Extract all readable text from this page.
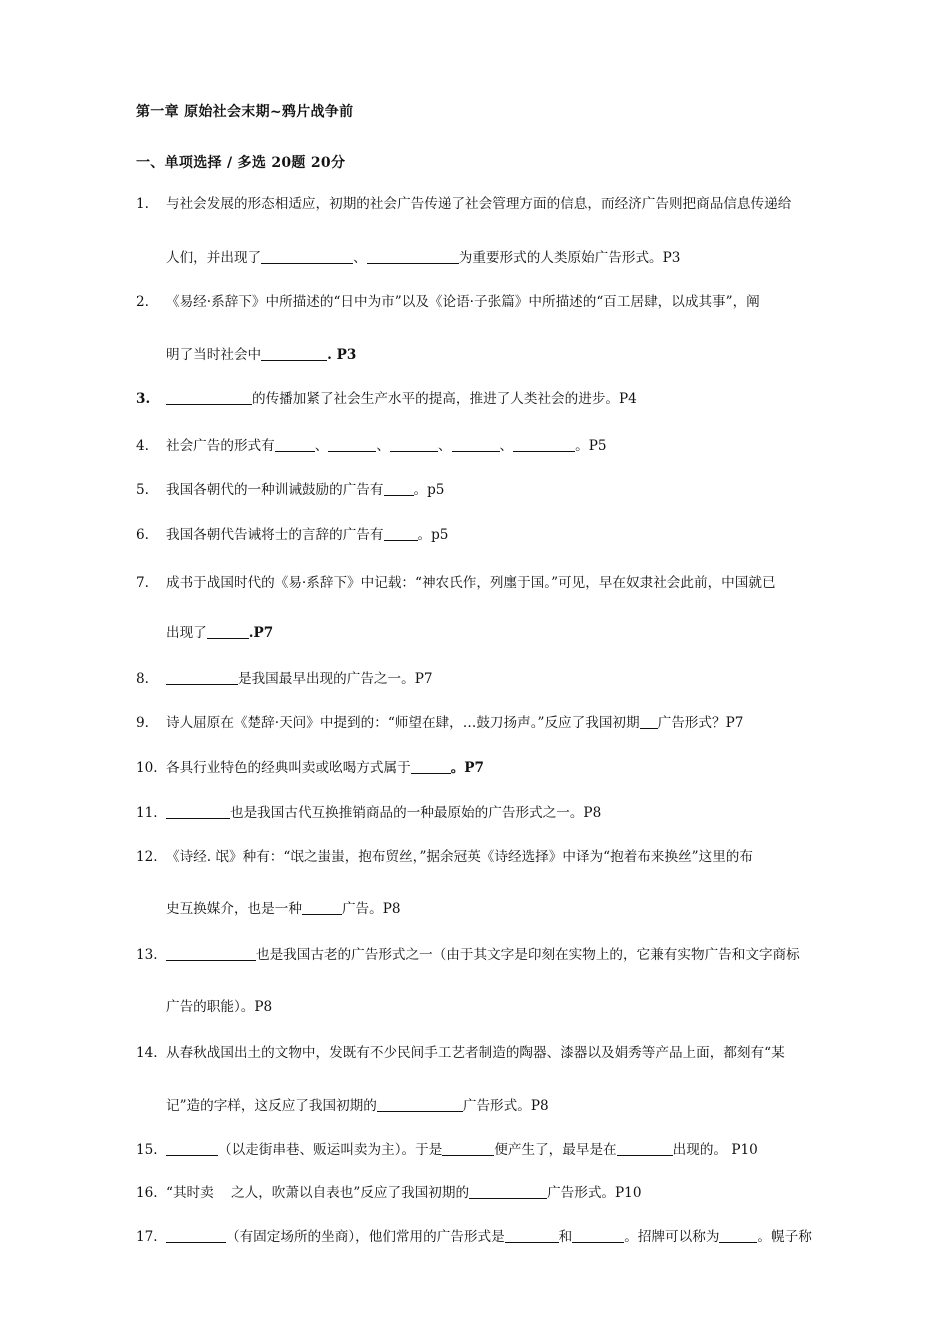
第一章 原始社会末期~鸦片战争前
一、单项选择 / 多选 20题 20分
1. 与社会发展的形态相适应，初期的社会广告传递了社会管理方面的信息，而经济广告则把商品信息传递给
人们，并出现了	、	为重要形式的人类原始广告形式。P3
2. 《易经·系辞下》中所描述的“日中为市”以及《论语·子张篇》中所描述的“百工居肆，以成其事”，阐
明了当时社会中	. P3
3.	的传播加紧了社会生产水平的提高，推进了人类社会的进步。P4
4. 社会广告的形式有	、	、	、	、	。P5
5. 我国各朝代的一种训诫鼓励的广告有 。p5
6. 我国各朝代告诫将士的言辞的广告有	。p5
7. 成书于战国时代的《易·系辞下》中记载：“神农氏作，列廛于国。”可见，早在奴隶社会此前，中国就已
出现了	.P7
8.	是我国最早出现的广告之一。P7
9. 诗人屈原在《楚辞·天问》中提到的：“师望在肆，…鼓刀扬声。”反应了我国初期 广告形式？P7
10. 各具行业特色的经典叫卖或吆喝方式属于	。P7
11.	也是我国古代互换推销商品的一种最原始的广告形式之一。P8
12. 《诗经. 氓》种有：“氓之蚩蚩，抱布贸丝，”据余冠英《诗经选择》中译为“抱着布来换丝”这里的布
史互换媒介，也是一种	广告。P8
13.	也是我国古老的广告形式之一（由于其文字是印刻在实物上的，它兼有实物广告和文字商标
广告的职能）。P8
14. 从春秋战国出土的文物中，发既有不少民间手工艺者制造的陶器、漆器以及娟秀等产品上面，都刻有“某
记”造的字样，这反应了我国初期的	广告形式。P8
15.	（以走街串巷、贩运叫卖为主）。于是	便产生了，最早是在	出现的。 P10
16. “其时卖    之人，吹萧以自表也”反应了我国初期的	广告形式。P10
17.	（有固定场所的坐商），他们常用的广告形式是	和	。招牌可以称为	。幌子称
